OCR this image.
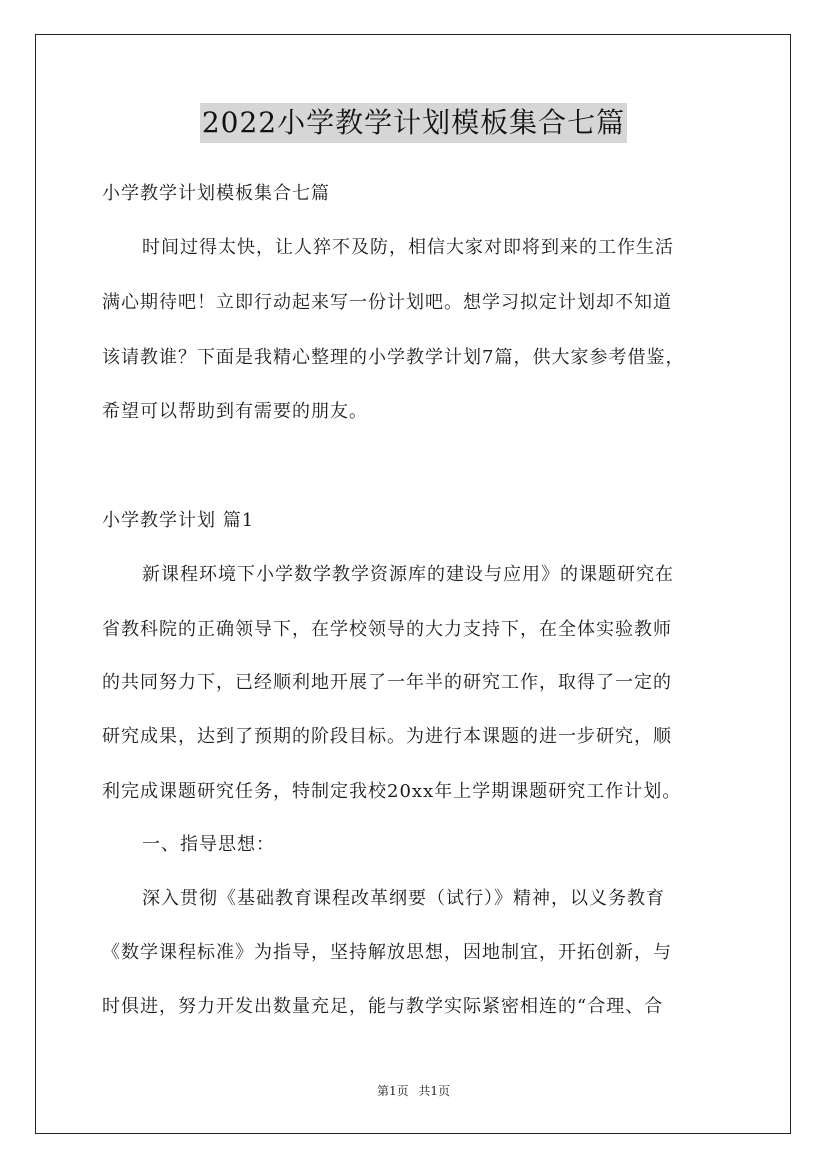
2022小学教学计划模板集合七篇
小学教学计划模板集合七篇
时间过得太快，让人猝不及防，相信大家对即将到来的工作生活
满心期待吧！立即行动起来写一份计划吧。想学习拟定计划却不知道
该请教谁？下面是我精心整理的小学教学计划7篇，供大家参考借鉴，
希望可以帮助到有需要的朋友。
小学教学计划 篇1
新课程环境下小学数学教学资源库的建设与应用》的课题研究在
省教科院的正确领导下，在学校领导的大力支持下，在全体实验教师
的共同努力下，已经顺利地开展了一年半的研究工作，取得了一定的
研究成果，达到了预期的阶段目标。为进行本课题的进一步研究，顺
利完成课题研究任务，特制定我校20xx年上学期课题研究工作计划。
一、指导思想：
深入贯彻《基础教育课程改革纲要（试行）》精神，以义务教育
《数学课程标准》为指导，坚持解放思想，因地制宜，开拓创新，与
时俱进，努力开发出数量充足，能与教学实际紧密相连的“合理、合
第1页 共1页
